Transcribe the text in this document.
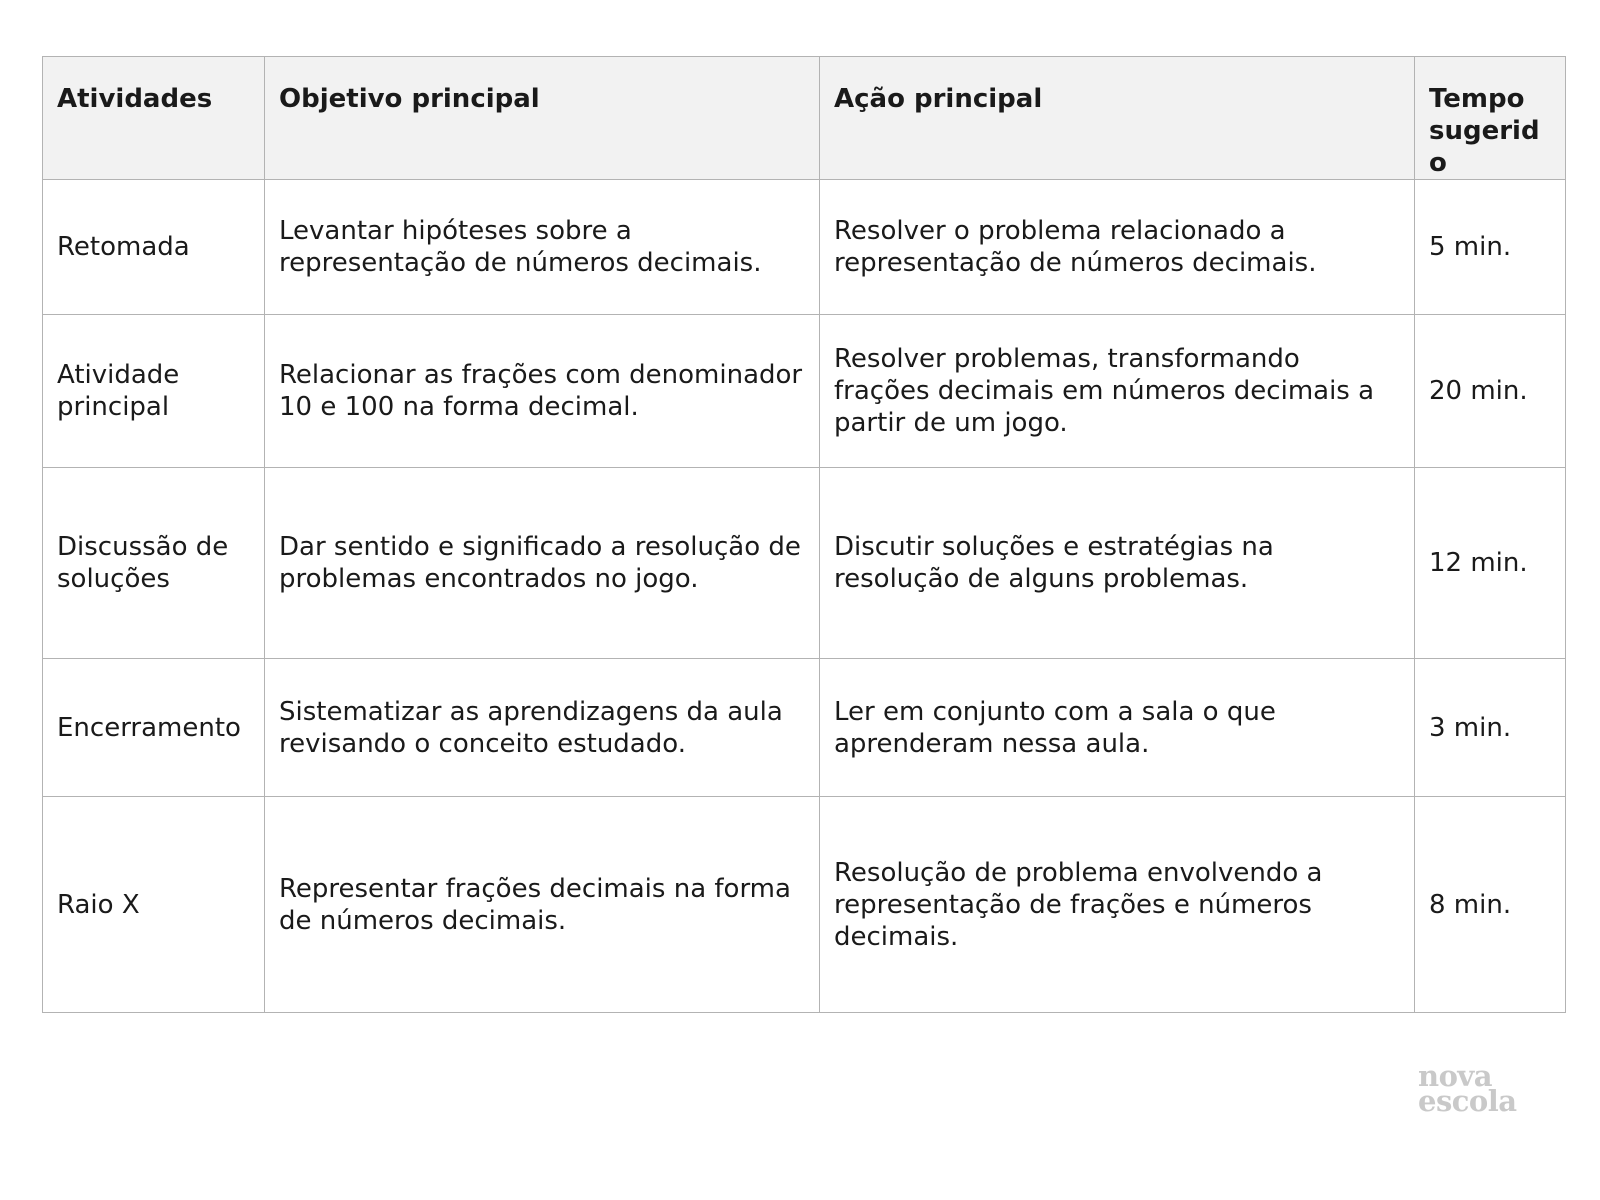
Atividades	Objetivo principal	Ação principal	Tempo sugerido
Retomada	Levantar hipóteses sobre a representação de números decimais.	Resolver o problema relacionado a representação de números decimais.	5 min.
Atividade principal	Relacionar as frações com denominador 10 e 100 na forma decimal.	Resolver problemas, transformando frações decimais em números decimais a partir de um jogo.	20 min.
Discussão de soluções	Dar sentido e significado a resolução de problemas encontrados no jogo.	Discutir soluções e estratégias na resolução de alguns problemas.	12 min.
Encerramento	Sistematizar as aprendizagens da aula revisando o conceito estudado.	Ler em conjunto com a sala o que aprenderam nessa aula.	3 min.
Raio X	Representar frações decimais na forma de números decimais.	Resolução de problema envolvendo a representação de frações e números decimais.	8 min.
nova
escola
